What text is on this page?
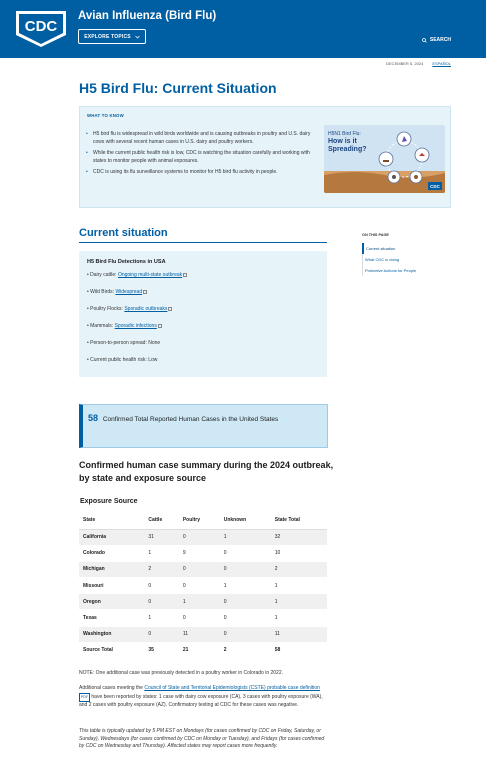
CDC
Avian Influenza (Bird Flu)
EXPLORE TOPICS
SEARCH
DECEMBER 5, 2024 ESPAÑOL
H5 Bird Flu: Current Situation
WHAT TO KNOW
• H5 bird flu is widespread in wild birds worldwide and is causing outbreaks in poultry and U.S. dairy cows with several recent human cases in U.S. dairy and poultry workers.
• While the current public health risk is low, CDC is watching the situation carefully and working with states to monitor people with animal exposures.
• CDC is using its flu surveillance systems to monitor for H5 bird flu activity in people.
H5N1 Bird Flu:
How is it
Spreading?
CDC
Current situation	ON THIS PAGE
Current situation
What CDC is doing
Protective Actions for People
H5 Bird Flu Detections in USA
• Dairy cattle: Ongoing multi-state outbreak
• Wild Birds: Widespread
• Poultry Flocks: Sporadic outbreaks
• Mammals: Sporadic infections
• Person-to-person spread: None
• Current public health risk: Low
58 Confirmed Total Reported Human Cases in the United States
Confirmed human case summary during the 2024 outbreak, by state and exposure source
Exposure Source
State	Cattle	Poultry	Unknown	State Total
California	31	0	1	32
Colorado	1	9	0	10
Michigan	2	0	0	2
Missouri	0	0	1	1
Oregon	0	1	0	1
Texas	1	0	0	1
Washington	0	11	0	11
Source Total	35	21	2	58

NOTE: One additional case was previously detected in a poultry worker in Colorado in 2022.

Additional cases meeting the Council of State and Territorial Epidemiologists (CSTE) probable case definition PDF have been reported by states: 1 case with dairy cow exposure (CA), 3 cases with poultry exposure (WA), and 2 cases with poultry exposure (AZ). Confirmatory testing at CDC for these cases was negative.

This table is typically updated by 5 PM EST on Mondays (for cases confirmed by CDC on Friday, Saturday, or Sunday), Wednesdays (for cases confirmed by CDC on Monday or Tuesday), and Fridays (for cases confirmed by CDC on Wednesday and Thursday). Affected states may report cases more frequently.
